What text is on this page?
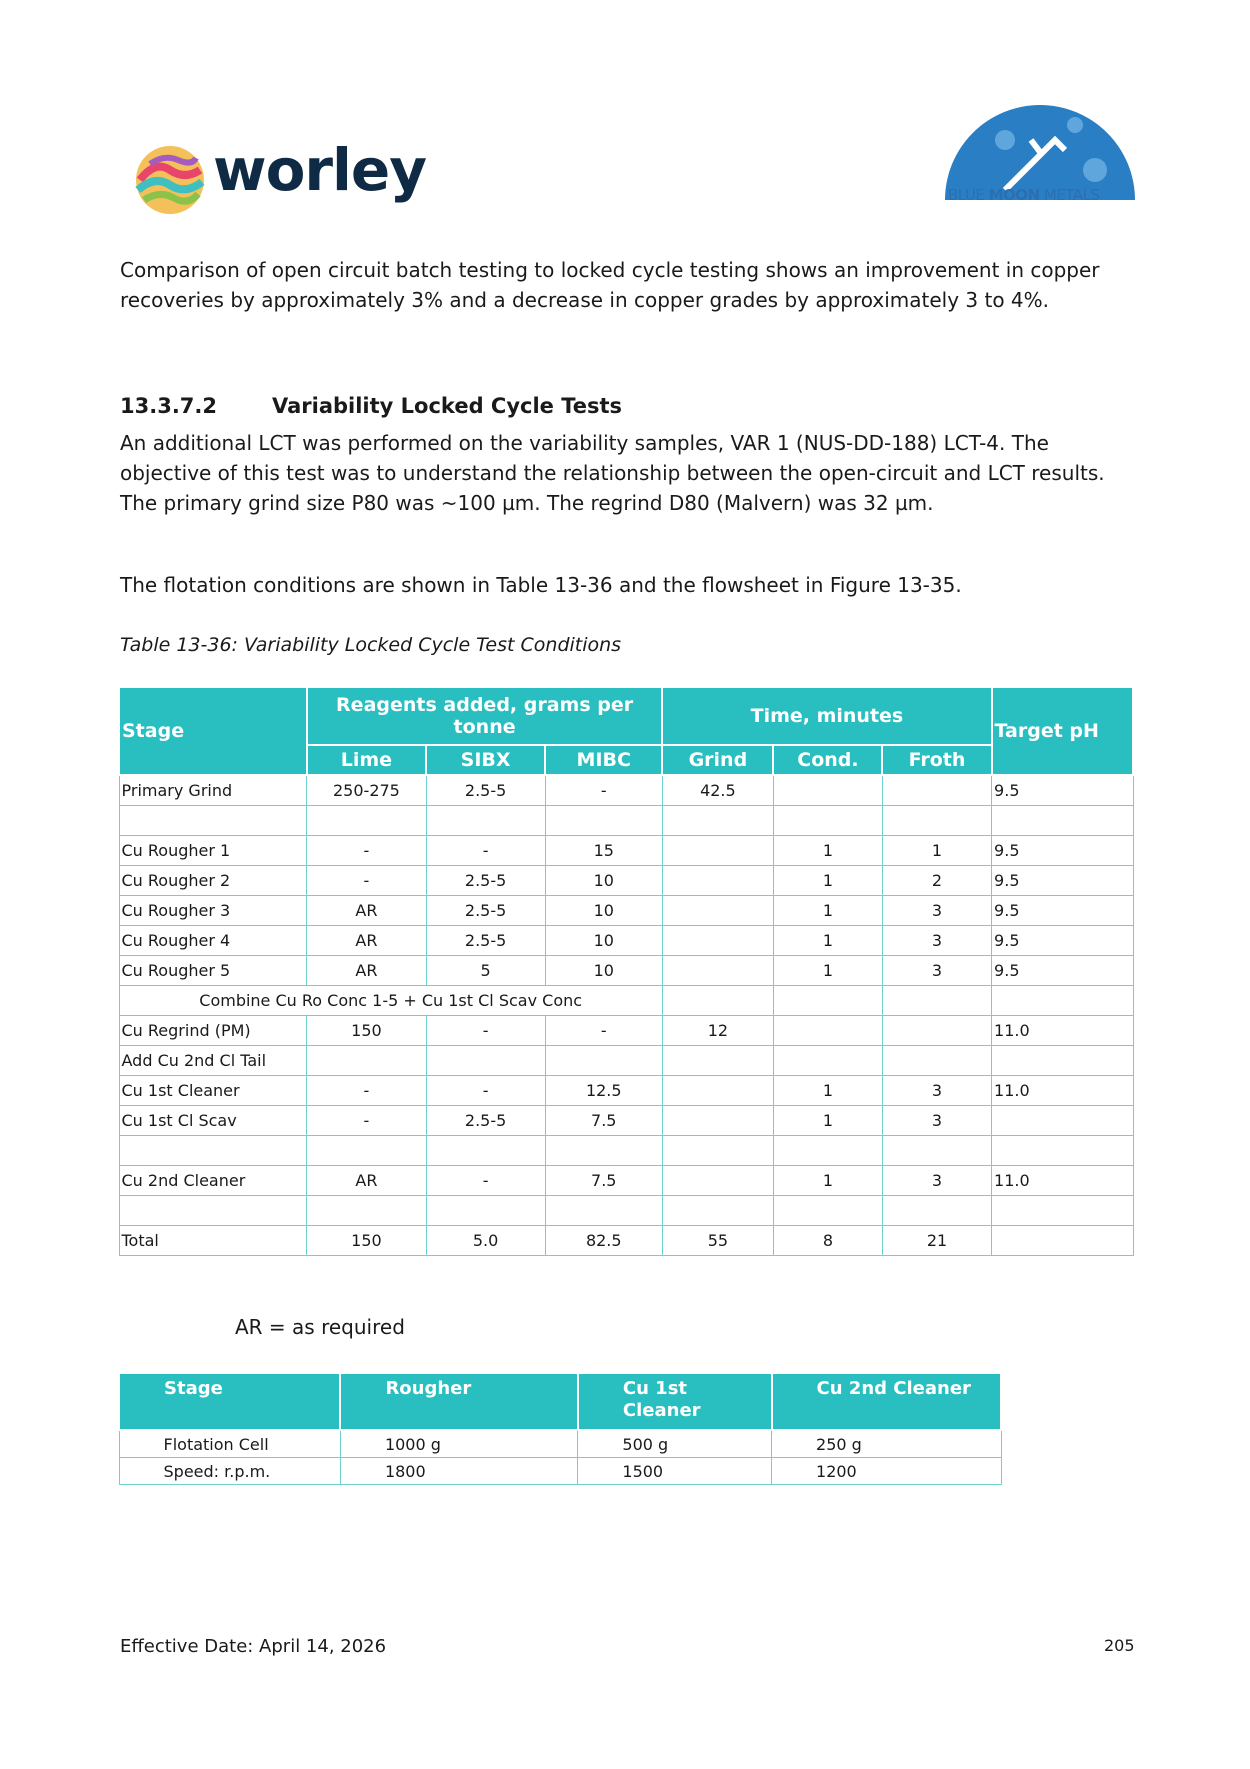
worley	BLUE MOON METALS
Comparison of open circuit batch testing to locked cycle testing shows an improvement in copper recoveries by approximately 3% and a decrease in copper grades by approximately 3 to 4%.
13.3.7.2	Variability Locked Cycle Tests
An additional LCT was performed on the variability samples, VAR 1 (NUS-DD-188) LCT-4. The objective of this test was to understand the relationship between the open-circuit and LCT results. The primary grind size P80 was ~100 µm. The regrind D80 (Malvern) was 32 µm.
The flotation conditions are shown in Table 13-36 and the flowsheet in Figure 13-35.
Table 13-36: Variability Locked Cycle Test Conditions
Stage	Reagents added, grams per tonne			Time, minutes			Target pH
	Lime	SIBX	MIBC	Grind	Cond.	Froth	
Primary Grind	250-275	2.5-5	-	42.5			9.5

Cu Rougher 1	-	-	15		1	1	9.5
Cu Rougher 2	-	2.5-5	10		1	2	9.5
Cu Rougher 3	AR	2.5-5	10		1	3	9.5
Cu Rougher 4	AR	2.5-5	10		1	3	9.5
Cu Rougher 5	AR	5	10		1	3	9.5
Combine Cu Ro Conc 1-5 + Cu 1st Cl Scav Conc							
Cu Regrind (PM)	150	-	-	12			11.0
Add Cu 2nd Cl Tail							
Cu 1st Cleaner	-	-	12.5		1	3	11.0
Cu 1st Cl Scav	-	2.5-5	7.5		1	3	

Cu 2nd Cleaner	AR	-	7.5		1	3	11.0

Total	150	5.0	82.5	55	8	21	
AR = as required
Stage	Rougher	Cu 1st Cleaner	Cu 2nd Cleaner
Flotation Cell	1000 g	500 g	250 g
Speed: r.p.m.	1800	1500	1200
Effective Date: April 14, 2026	205
